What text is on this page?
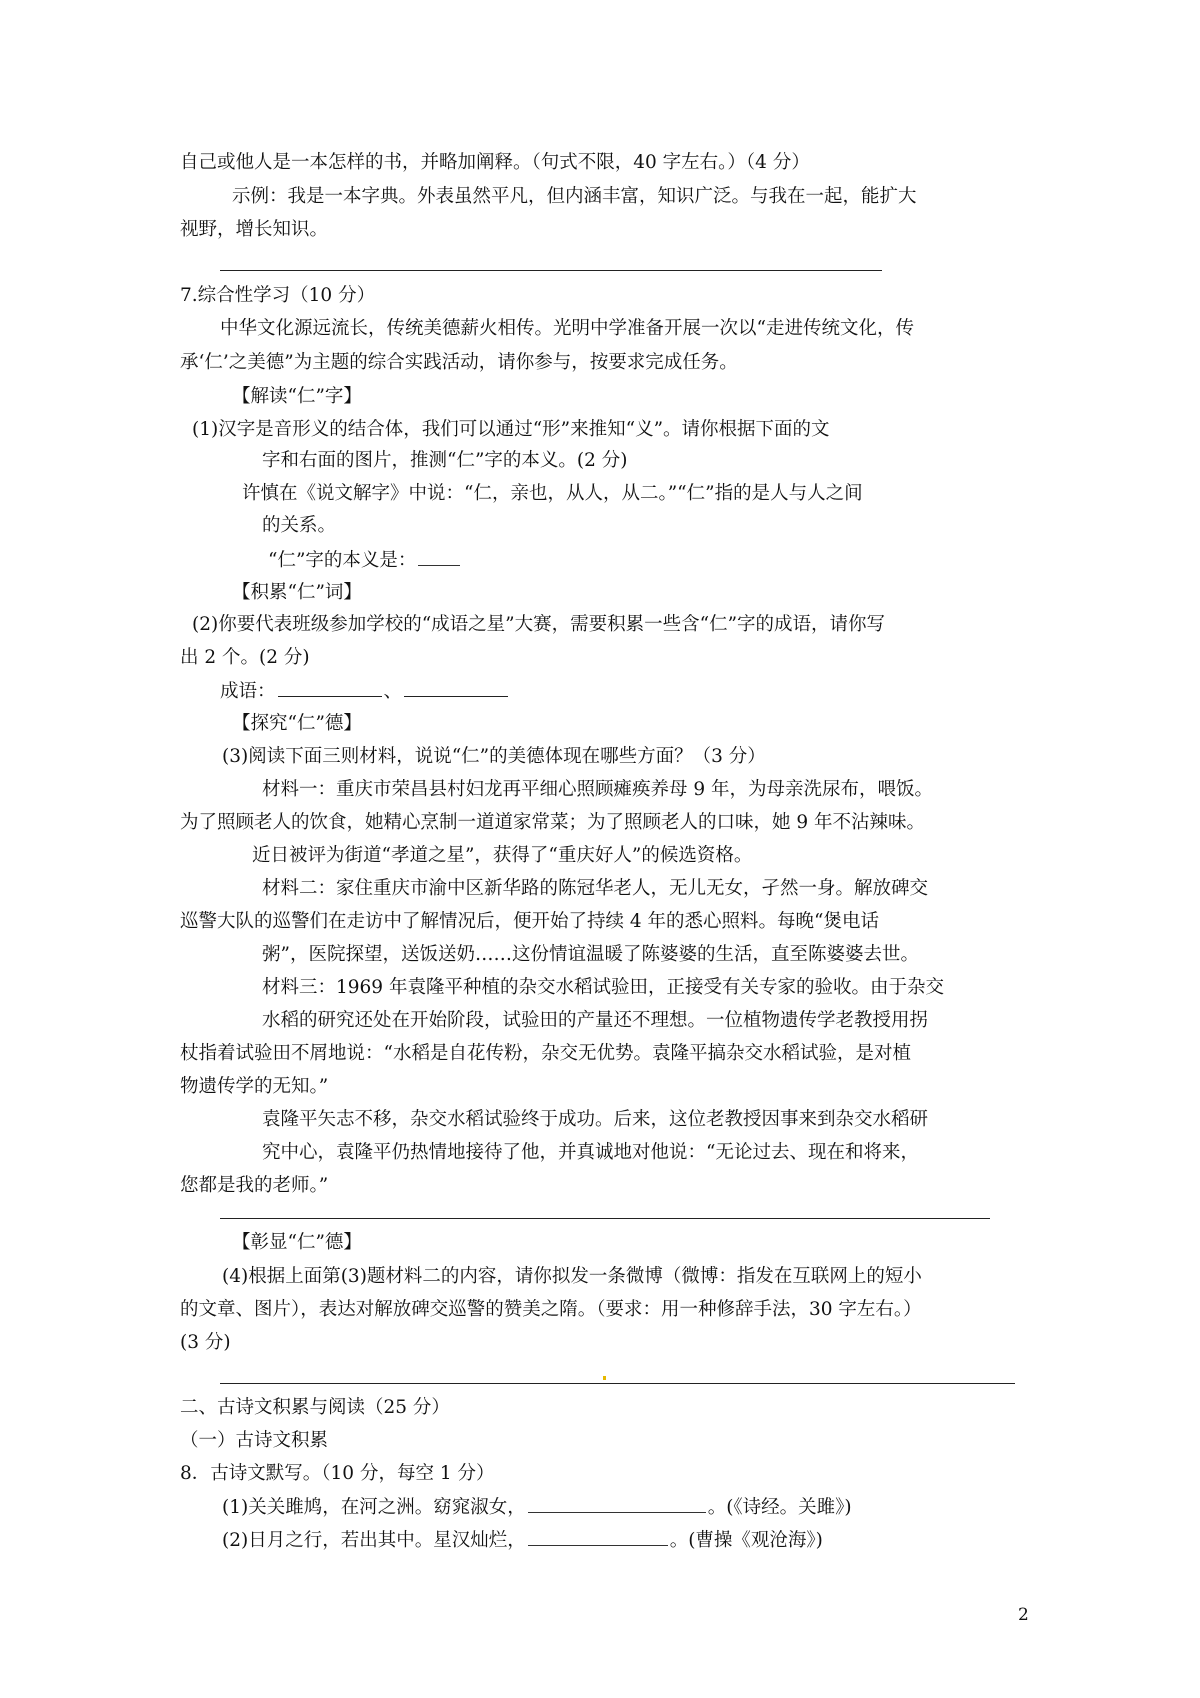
自己或他人是一本怎样的书，并略加阐释。（句式不限，40 字左右。）（4 分）
示例：我是一本字典。外表虽然平凡，但内涵丰富，知识广泛。与我在一起，能扩大
视野，增长知识。
7.综合性学习（10 分）
中华文化源远流长，传统美德薪火相传。光明中学准备开展一次以“走进传统文化，传
承‘仁’之美德”为主题的综合实践活动，请你参与，按要求完成任务。
【解读“仁”字】
(1)汉字是音形义的结合体，我们可以通过“形”来推知“义”。请你根据下面的文
字和右面的图片，推测“仁”字的本义。(2 分)
许慎在《说文解字》中说：“仁，亲也，从人，从二。”“仁”指的是人与人之间
的关系。
“仁”字的本义是：
【积累“仁”词】
(2)你要代表班级参加学校的“成语之星”大赛，需要积累一些含“仁”字的成语，请你写
出 2 个。(2 分)
成语：	、
【探究“仁”德】
(3)阅读下面三则材料，说说“仁”的美德体现在哪些方面？（3 分）
材料一：重庆市荣昌县村妇龙再平细心照顾瘫痪养母 9 年，为母亲洗尿布，喂饭。
为了照顾老人的饮食，她精心烹制一道道家常菜；为了照顾老人的口味，她 9 年不沾辣味。
近日被评为街道“孝道之星”，获得了“重庆好人”的候选资格。
材料二：家住重庆市渝中区新华路的陈冠华老人，无儿无女，孑然一身。解放碑交
巡警大队的巡警们在走访中了解情况后，便开始了持续 4 年的悉心照料。每晚“煲电话
粥”，医院探望，送饭送奶……这份情谊温暖了陈婆婆的生活，直至陈婆婆去世。
材料三：1969 年袁隆平种植的杂交水稻试验田，正接受有关专家的验收。由于杂交
水稻的研究还处在开始阶段，试验田的产量还不理想。一位植物遗传学老教授用拐
杖指着试验田不屑地说：“水稻是自花传粉，杂交无优势。袁隆平搞杂交水稻试验，是对植
物遗传学的无知。”
袁隆平矢志不移，杂交水稻试验终于成功。后来，这位老教授因事来到杂交水稻研
究中心，袁隆平仍热情地接待了他，并真诚地对他说：“无论过去、现在和将来，
您都是我的老师。”
【彰显“仁”德】
(4)根据上面第(3)题材料二的内容，请你拟发一条微博（微博：指发在互联网上的短小
的文章、图片），表达对解放碑交巡警的赞美之隋。（要求：用一种修辞手法，30 字左右。）
(3 分)
二、古诗文积累与阅读（25 分）
（一）古诗文积累
8．古诗文默写。（10 分，每空 1 分）
(1)关关雎鸠，在河之洲。窈窕淑女，	。(《诗经。关雎》)
(2)日月之行，若出其中。星汉灿烂，	。(曹操《观沧海》)
2
